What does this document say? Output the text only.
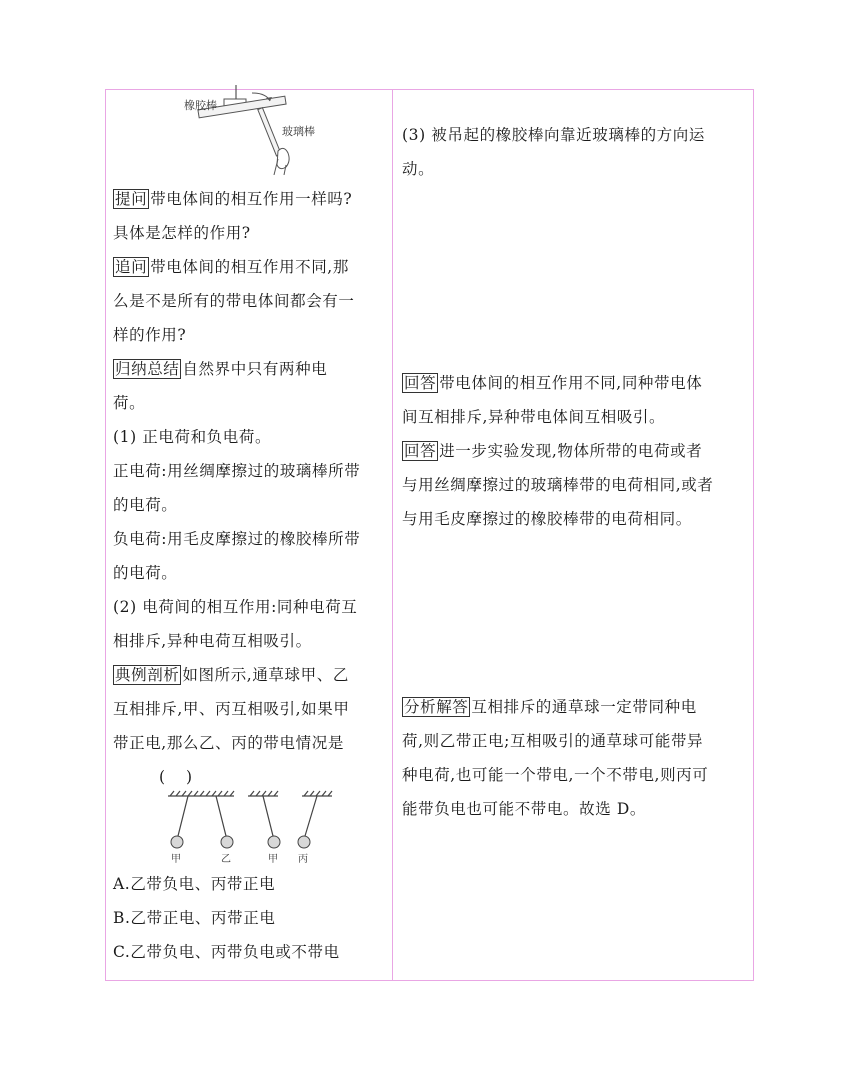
橡胶棒
玻璃棒
提问 带电体间的相互作用一样吗?
具体是怎样的作用?
追问 带电体间的相互作用不同,那
么是不是所有的带电体间都会有一
样的作用?
归纳总结 自然界中只有两种电
荷。
(1) 正电荷和负电荷。
正电荷:用丝绸摩擦过的玻璃棒所带
的电荷。
负电荷:用毛皮摩擦过的橡胶棒所带
的电荷。
(2) 电荷间的相互作用:同种电荷互
相排斥,异种电荷互相吸引。
典例剖析 如图所示,通草球甲、乙
互相排斥,甲、丙互相吸引,如果甲
带正电,那么乙、丙的带电情况是
( )
甲	乙	甲 丙
A.乙带负电、丙带正电
B.乙带正电、丙带正电
C.乙带负电、丙带负电或不带电
(3) 被吊起的橡胶棒向靠近玻璃棒的方向运
动。
回答 带电体间的相互作用不同,同种带电体
间互相排斥,异种带电体间互相吸引。
回答 进一步实验发现,物体所带的电荷或者
与用丝绸摩擦过的玻璃棒带的电荷相同,或者
与用毛皮摩擦过的橡胶棒带的电荷相同。
分析解答 互相排斥的通草球一定带同种电
荷,则乙带正电;互相吸引的通草球可能带异
种电荷,也可能一个带电,一个不带电,则丙可
能带负电也可能不带电。故选 D。
